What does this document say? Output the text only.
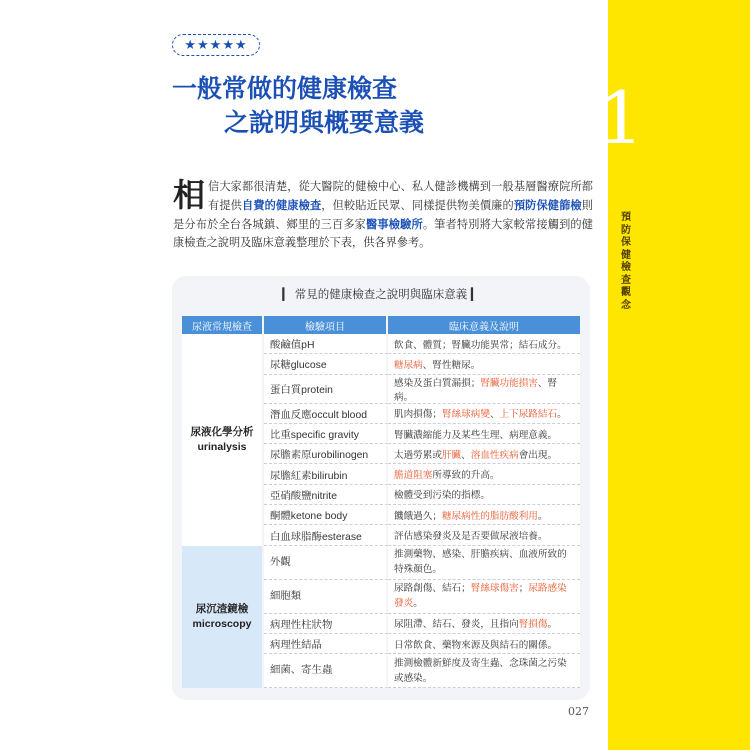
1
預防保健檢查觀念
★★★★★
一般常做的健康檢查
之說明與概要意義
相信大家都很清楚，從大醫院的健檢中心、私人健診機構到一般基層醫療院所都有提供自費的健康檢查，但較貼近民眾、同樣提供物美價廉的預防保健篩檢則是分布於全台各城鎮、鄉里的三百多家醫事檢驗所。筆者特別將大家較常接觸到的健康檢查之說明及臨床意義整理於下表，供各界參考。
▎ 常見的健康檢查之說明與臨床意義 ▎
尿液常規檢查	檢驗項目	臨床意義及說明

尿液化學分析
urinalysis	酸鹼值pH	飲食、體質；腎臟功能異常；結石成分。
	尿糖glucose	糖尿病、腎性糖尿。
	蛋白質protein	感染及蛋白質漏損；腎臟功能損害、腎病。
	潛血反應occult blood	肌肉損傷；腎絲球病變、上下尿路結石。
	比重specific gravity	腎臟濃縮能力及某些生理、病理意義。
	尿膽素原urobilinogen	太過勞累或肝臟、溶血性疾病會出現。
	尿膽紅素bilirubin	膽道阻塞所導致的升高。
	亞硝酸鹽nitrite	檢體受到污染的指標。
	酮體ketone body	饑餓過久；糖尿病性的脂肪酸利用。
	白血球脂酶esterase	評估感染發炎及是否要做尿液培養。

尿沉渣鏡檢
microscopy	外觀	推測藥物、感染、肝膽疾病、血液所致的特殊顏色。
	細胞類	尿路創傷、結石；腎絲球傷害；尿路感染發炎。
	病理性柱狀物	尿阻滯、結石、發炎，且指向腎損傷。
	病理性結晶	日常飲食、藥物來源及與結石的關係。
	細菌、寄生蟲	推測檢體新鮮度及寄生蟲、念珠菌之污染或感染。
027
